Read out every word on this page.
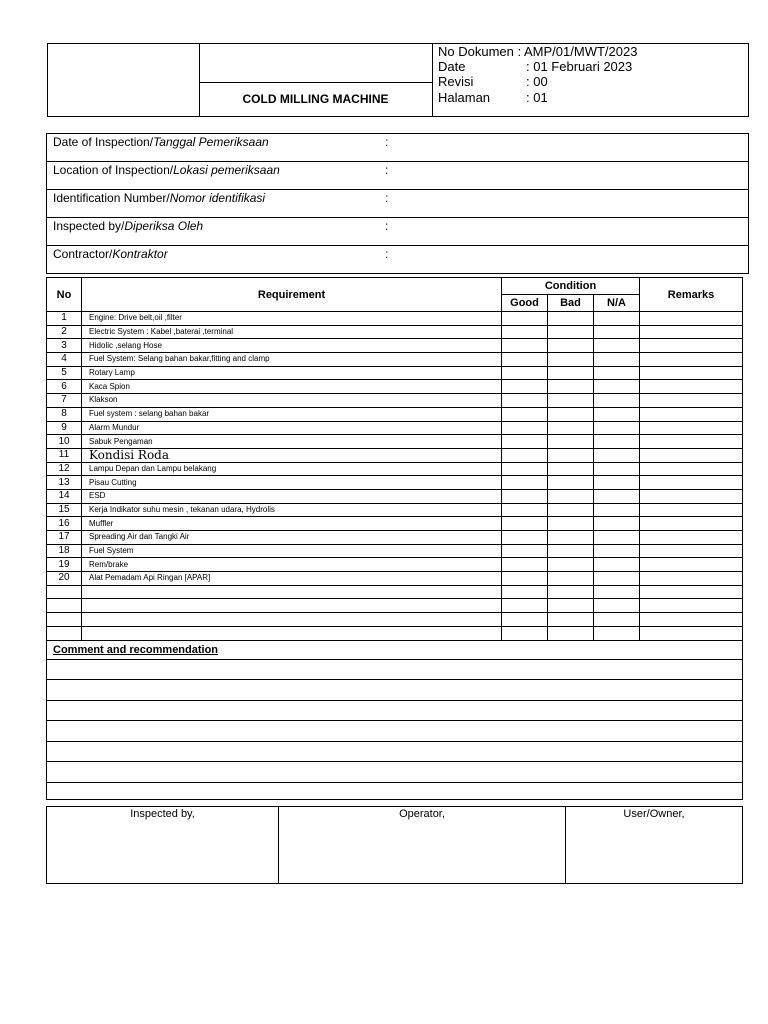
COLD MILLING MACHINE
No Dokumen : AMP/01/MWT/2023
Date	: 01 Februari 2023
Revisi	: 00
Halaman	: 01
Date of Inspection/Tanggal Pemeriksaan	:

Location of Inspection/Lokasi pemeriksaan	:

Identification Number/Nomor identifikasi	:

Inspected by/Diperiksa Oleh	:

Contractor/Kontraktor	:
No	Requirement	Condition			Remarks
		Good	Bad	N/A	
1	Engine: Drive belt,oil ,filter				
2	Electric System : Kabel ,baterai ,terminal				
3	Hidolic ,selang Hose				
4	Fuel System: Selang bahan bakar,fitting and clamp				
5	Rotary Lamp				
6	Kaca Spion				
7	Klakson				
8	Fuel system : selang bahan bakar				
9	Alarm Mundur				
10	Sabuk Pengaman				
11	Kondisi Roda				
12	Lampu Depan dan Lampu belakang				
13	Pisau Cutting				
14	ESD				
15	Kerja Indikator suhu mesin , tekanan udara, Hydrolis				
16	Muffler				
17	Spreading Air dan Tangki Air				
18	Fuel System				
19	Rem/brake				
20	Alat Pemadam Api Ringan [APAR]				

Comment and recommendation					

Inspected by,	Operator,	User/Owner,
